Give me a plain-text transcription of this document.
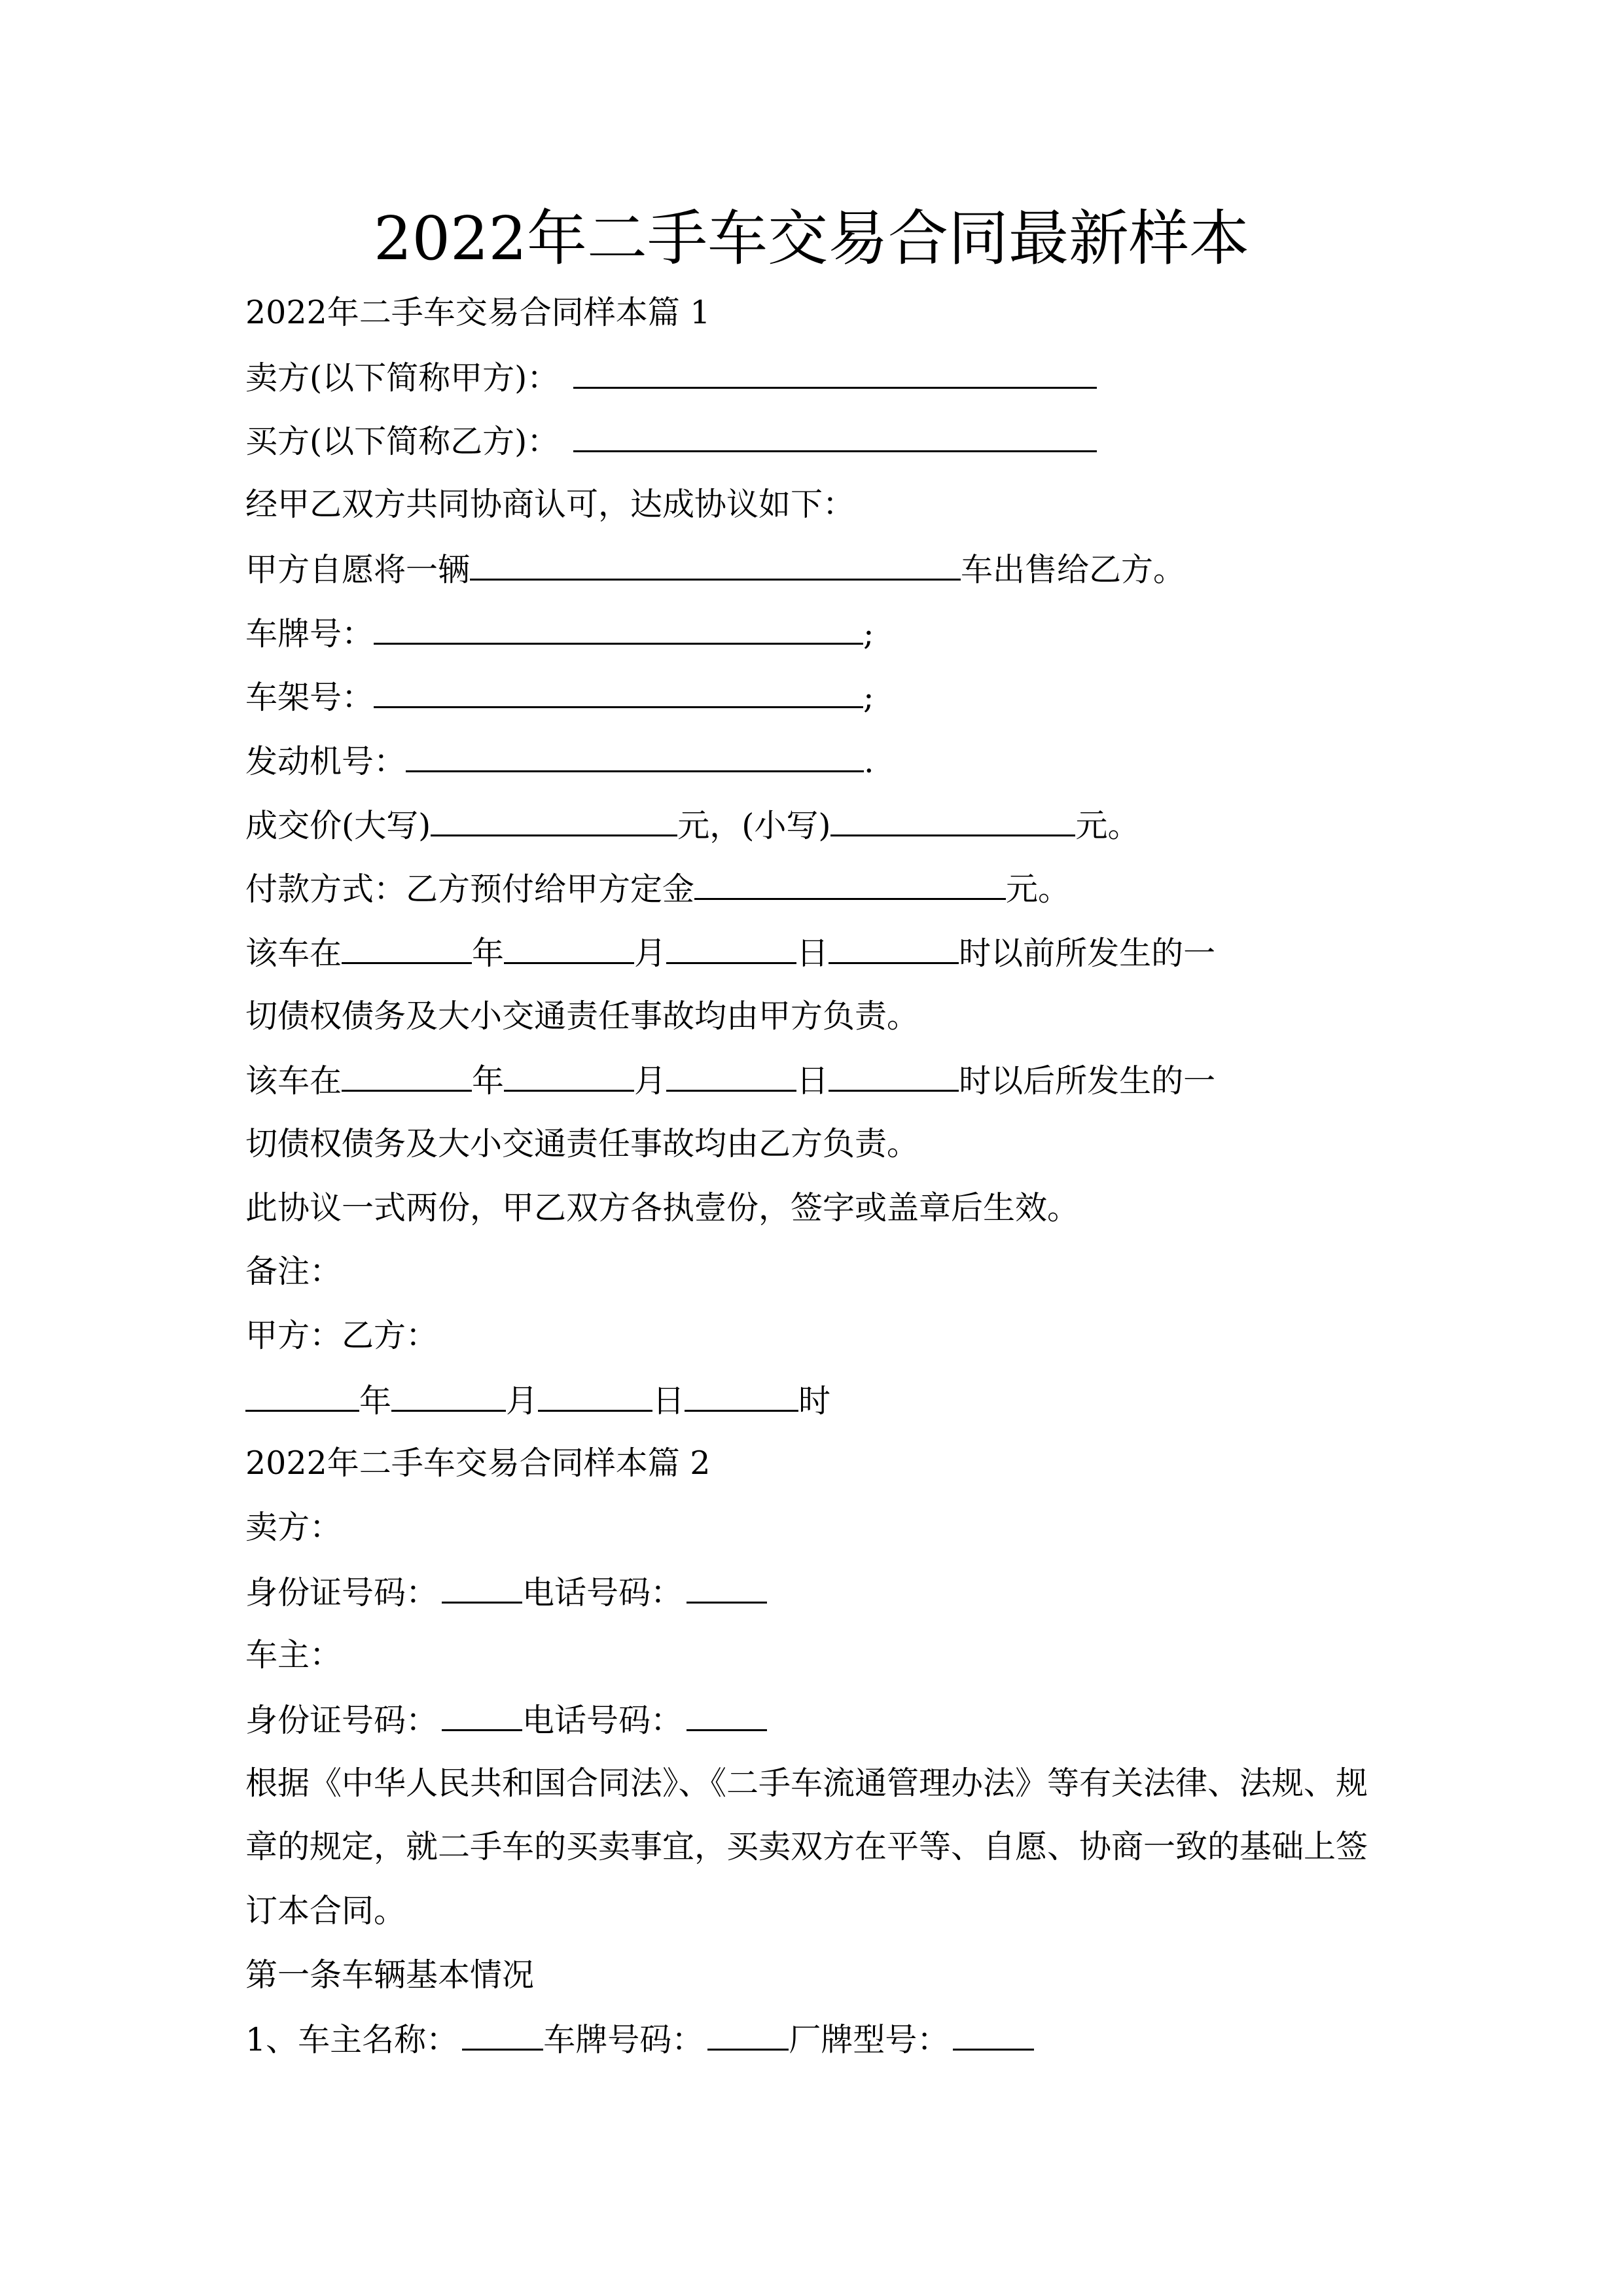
2022年二手车交易合同最新样本
2022年二手车交易合同样本篇 1
卖方(以下简称甲方)：
买方(以下简称乙方)：
经甲乙双方共同协商认可，达成协议如下：
甲方自愿将一辆	车出售给乙方。
车牌号：	;
车架号：	;
发动机号：	.
成交价(大写)	元，(小写)	元。
付款方式：乙方预付给甲方定金	元。
该车在	年	月	日	时以前所发生的一
切债权债务及大小交通责任事故均由甲方负责。
该车在	年	月	日	时以后所发生的一
切债权债务及大小交通责任事故均由乙方负责。
此协议一式两份，甲乙双方各执壹份，签字或盖章后生效。
备注：
甲方：乙方：
年	月	日	时
2022年二手车交易合同样本篇 2
卖方：
身份证号码：	电话号码：
车主：
身份证号码：	电话号码：
根据《中华人民共和国合同法》、《二手车流通管理办法》等有关法律、法规、规
章的规定，就二手车的买卖事宜，买卖双方在平等、自愿、协商一致的基础上签
订本合同。
第一条车辆基本情况
1、车主名称：	车牌号码：	厂牌型号：
